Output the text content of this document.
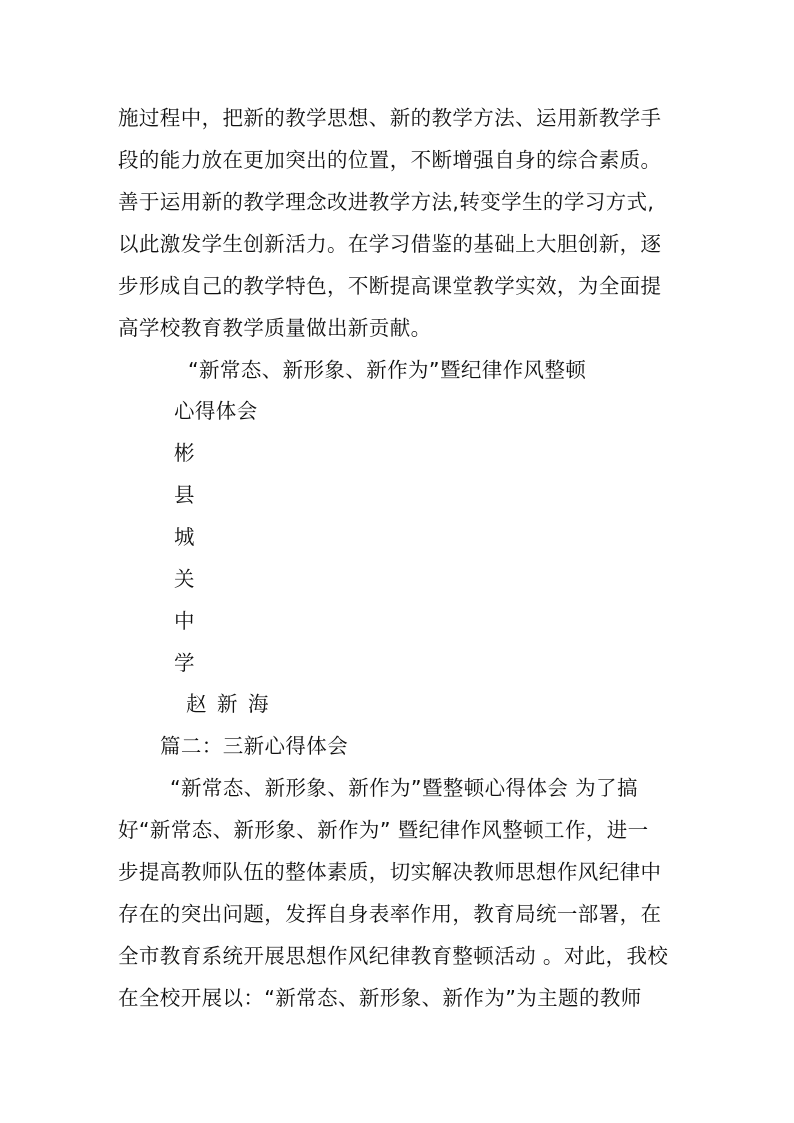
施过程中，把新的教学思想、新的教学方法、运用新教学手
段的能力放在更加突出的位置，不断增强自身的综合素质。
善于运用新的教学理念改进教学方法,转变学生的学习方式,
以此激发学生创新活力。在学习借鉴的基础上大胆创新，逐
步形成自己的教学特色，不断提高课堂教学实效，为全面提
高学校教育教学质量做出新贡献。
“新常态、新形象、新作为”暨纪律作风整顿
心得体会
彬
县
城
关
中
学
赵 新 海
篇二：三新心得体会
“新常态、新形象、新作为”暨整顿心得体会 为了搞
好“新常态、新形象、新作为” 暨纪律作风整顿工作，进一
步提高教师队伍的整体素质，切实解决教师思想作风纪律中
存在的突出问题，发挥自身表率作用，教育局统一部署，在
全市教育系统开展思想作风纪律教育整顿活动 。对此，我校
在全校开展以：“新常态、新形象、新作为”为主题的教师
